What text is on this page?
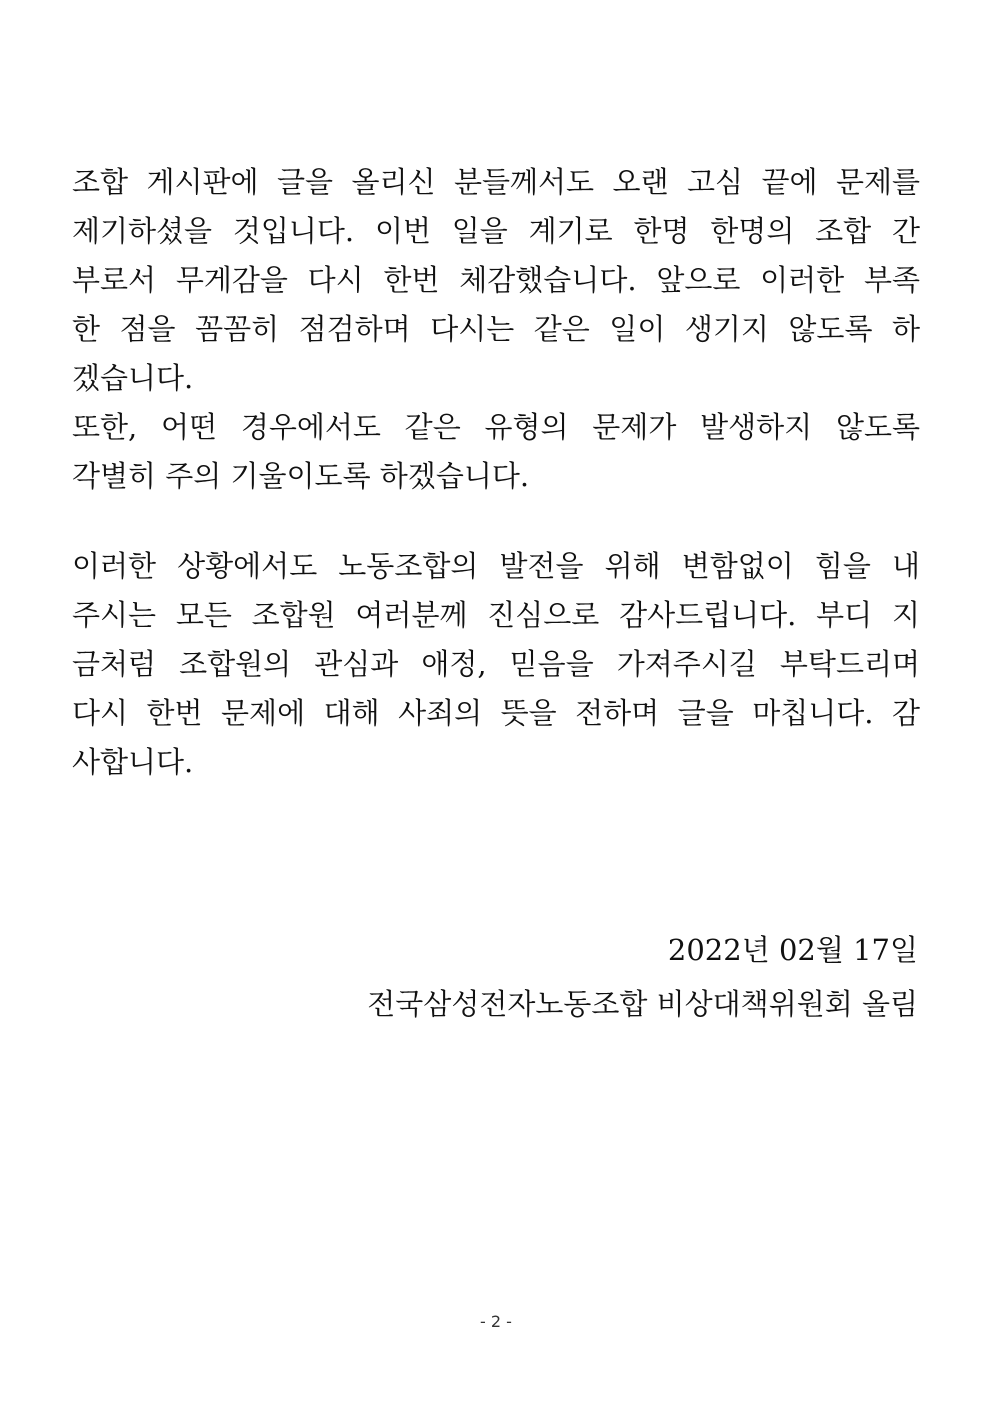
조합 게시판에 글을 올리신 분들께서도 오랜 고심 끝에 문제를
제기하셨을 것입니다. 이번 일을 계기로 한명 한명의 조합 간
부로서 무게감을 다시 한번 체감했습니다. 앞으로 이러한 부족
한 점을 꼼꼼히 점검하며 다시는 같은 일이 생기지 않도록 하
겠습니다.
또한, 어떤 경우에서도 같은 유형의 문제가 발생하지 않도록
각별히 주의 기울이도록 하겠습니다.
이러한 상황에서도 노동조합의 발전을 위해 변함없이 힘을 내
주시는 모든 조합원 여러분께 진심으로 감사드립니다. 부디 지
금처럼 조합원의 관심과 애정, 믿음을 가져주시길 부탁드리며
다시 한번 문제에 대해 사죄의 뜻을 전하며 글을 마칩니다. 감
사합니다.
2022년 02월 17일
전국삼성전자노동조합 비상대책위원회 올림
- 2 -
